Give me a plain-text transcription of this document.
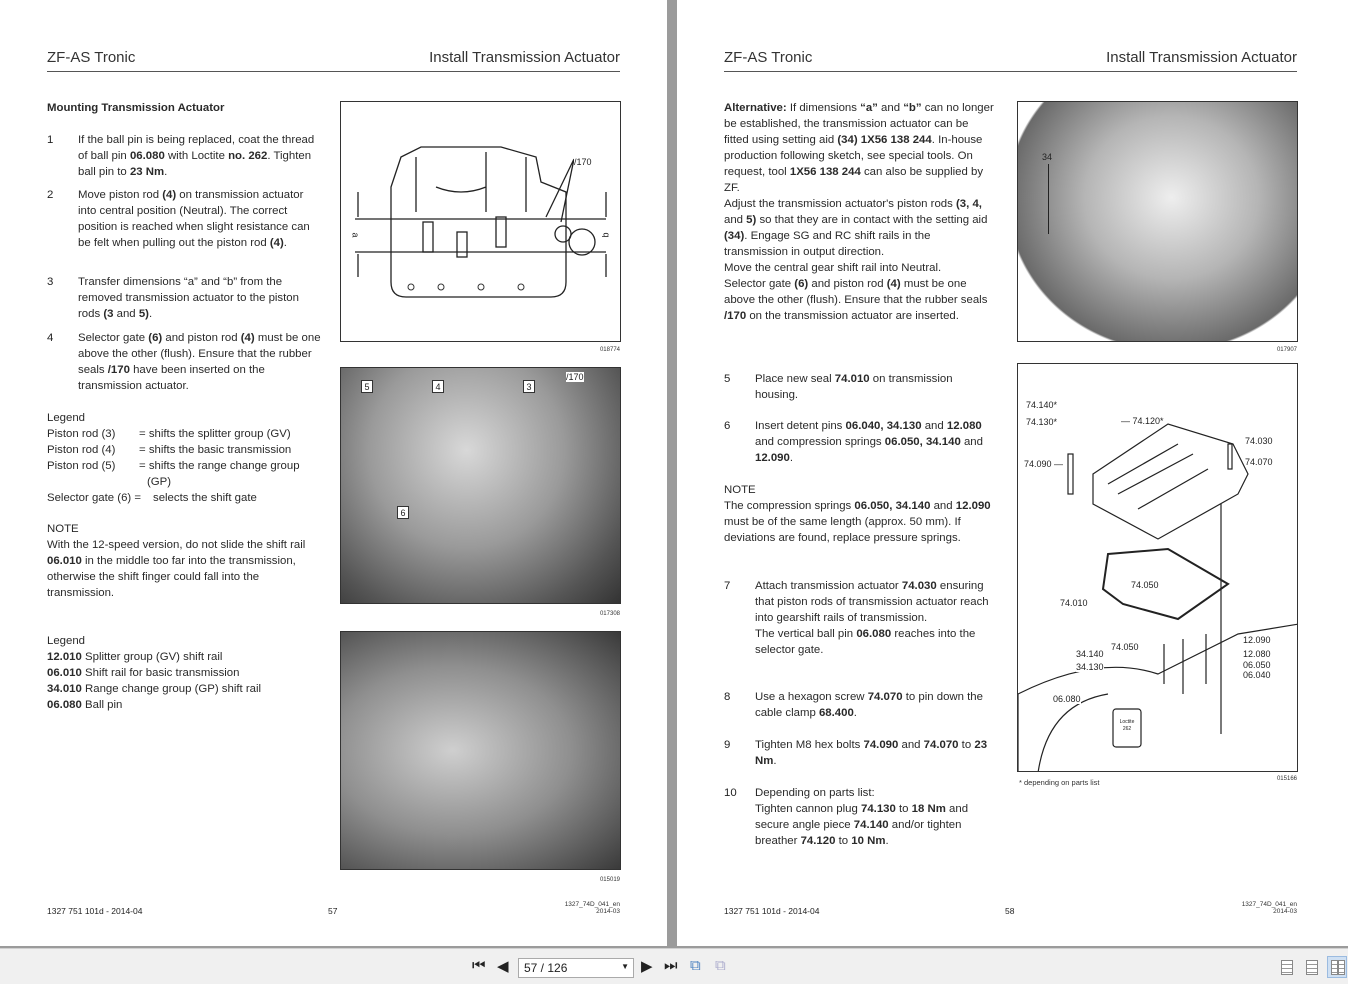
ZF-AS Tronic	Install Transmission Actuator
Mounting Transmission Actuator
1 If the ball pin is being replaced, coat the thread of ball pin 06.080 with Loctite no. 262. Tighten ball pin to 23 Nm.
2 Move piston rod (4) on transmission actuator into central position (Neutral). The correct position is reached when slight resistance can be felt when pulling out the piston rod (4).
3 Transfer dimensions “a” and “b” from the removed transmission actuator to the piston rods (3 and 5).
4 Selector gate (6) and piston rod (4) must be one above the other (flush). Ensure that the rubber seals /170 have been inserted on the transmission actuator.
Legend
Piston rod (3)	= shifts the splitter group (GV)
Piston rod (4)	= shifts the basic transmission
Piston rod (5)	= shifts the range change group (GP)
Selector gate (6) =	selects the shift gate
NOTE
With the 12-speed version, do not slide the shift rail 06.010 in the middle too far into the transmission, otherwise the shift finger could fall into the transmission.
Legend
12.010 Splitter group (GV) shift rail
06.010 Shift rail for basic transmission
34.010 Range change group (GP) shift rail
06.080 Ball pin
/170
a	b
018774
5	4	3
6
/170
017308
015019
1327 751 101d - 2014-04	57
1327_74D_041_en
2014-03
ZF-AS Tronic	Install Transmission Actuator
Alternative: If dimensions “a” and “b” can no longer be established, the transmission actuator can be fitted using setting aid (34) 1X56 138 244. In-house production following sketch, see special tools. On request, tool 1X56 138 244 can also be supplied by ZF.
Adjust the transmission actuator's piston rods (3, 4, and 5) so that they are in contact with the setting aid (34). Engage SG and RC shift rails in the transmission in output direction.
Move the central gear shift rail into Neutral.
Selector gate (6) and piston rod (4) must be one above the other (flush). Ensure that the rubber seals /170 on the transmission actuator are inserted.
5 Place new seal 74.010 on transmission housing.
6 Insert detent pins 06.040, 34.130 and 12.080 and compression springs 06.050, 34.140 and 12.090.
NOTE
The compression springs 06.050, 34.140 and 12.090 must be of the same length (approx. 50 mm). If deviations are found, replace pressure springs.
7 Attach transmission actuator 74.030 ensuring that piston rods of transmission actuator reach into gearshift rails of transmission.
The vertical ball pin 06.080 reaches into the selector gate.
8 Use a hexagon screw 74.070 to pin down the cable clamp 68.400.
9 Tighten M8 hex bolts 74.090 and 74.070 to 23 Nm.
10 Depending on parts list:
Tighten cannon plug 74.130 to 18 Nm and secure angle piece 74.140 and/or tighten breather 74.120 to 10 Nm.
34
017907
74.140*
74.130*	— 74.120*
74.090 —
74.030
74.070
74.050
74.010
74.050
34.140
34.130
12.090
12.080
06.050
06.040
06.080
Loctite 262
* depending on parts list	015166
1327 751 101d - 2014-04	58
1327_74D_041_en
2014-03
⏮ ◀	57 / 126	▼ ▶ ⏭ ⧉ ⧉
